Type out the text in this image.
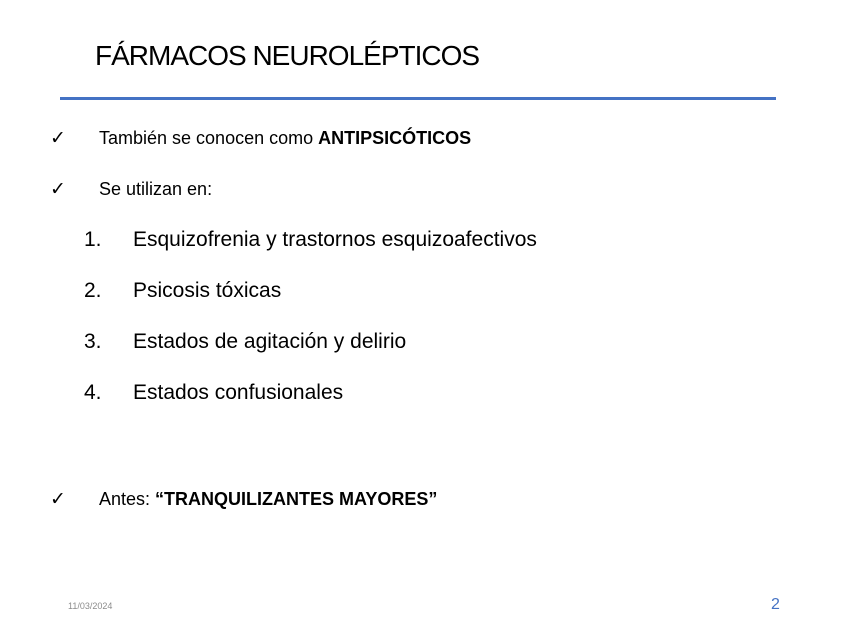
FÁRMACOS NEUROLÉPTICOS
✓ También se conocen como ANTIPSICÓTICOS
✓ Se utilizan en:
1. Esquizofrenia y trastornos esquizoafectivos
2. Psicosis tóxicas
3. Estados de agitación y delirio
4. Estados confusionales
✓ Antes: “TRANQUILIZANTES MAYORES”
11/03/2024	2
